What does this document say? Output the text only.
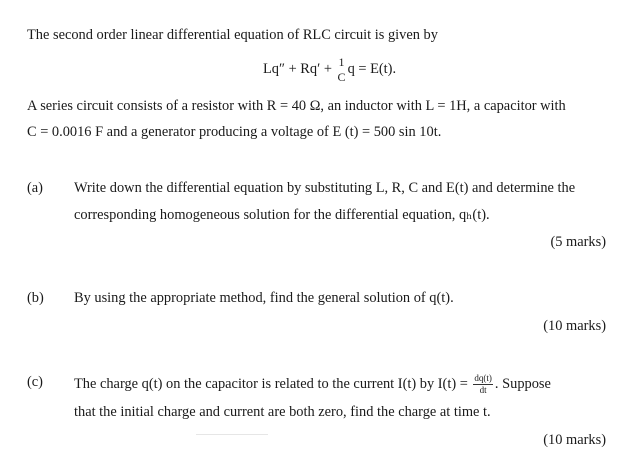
The second order linear differential equation of RLC circuit is given by
Lq″ + Rq′ + 1
C
q = E(t).
A series circuit consists of a resistor with R = 40 Ω, an inductor with L = 1H, a capacitor with
C = 0.0016 F and a generator producing a voltage of E (t) = 500 sin 10t.
(a) Write down the differential equation by substituting L, R, C and E(t) and determine the
corresponding homogeneous solution for the differential equation, qₕ(t).
(5 marks)
(b) By using the appropriate method, find the general solution of q(t).
(10 marks)
(c) The charge q(t) on the capacitor is related to the current I(t) by $I(t) = \frac{dq(t)}{dt}$ . Suppose
that the initial charge and current are both zero, find the charge at time t.
(10 marks)
